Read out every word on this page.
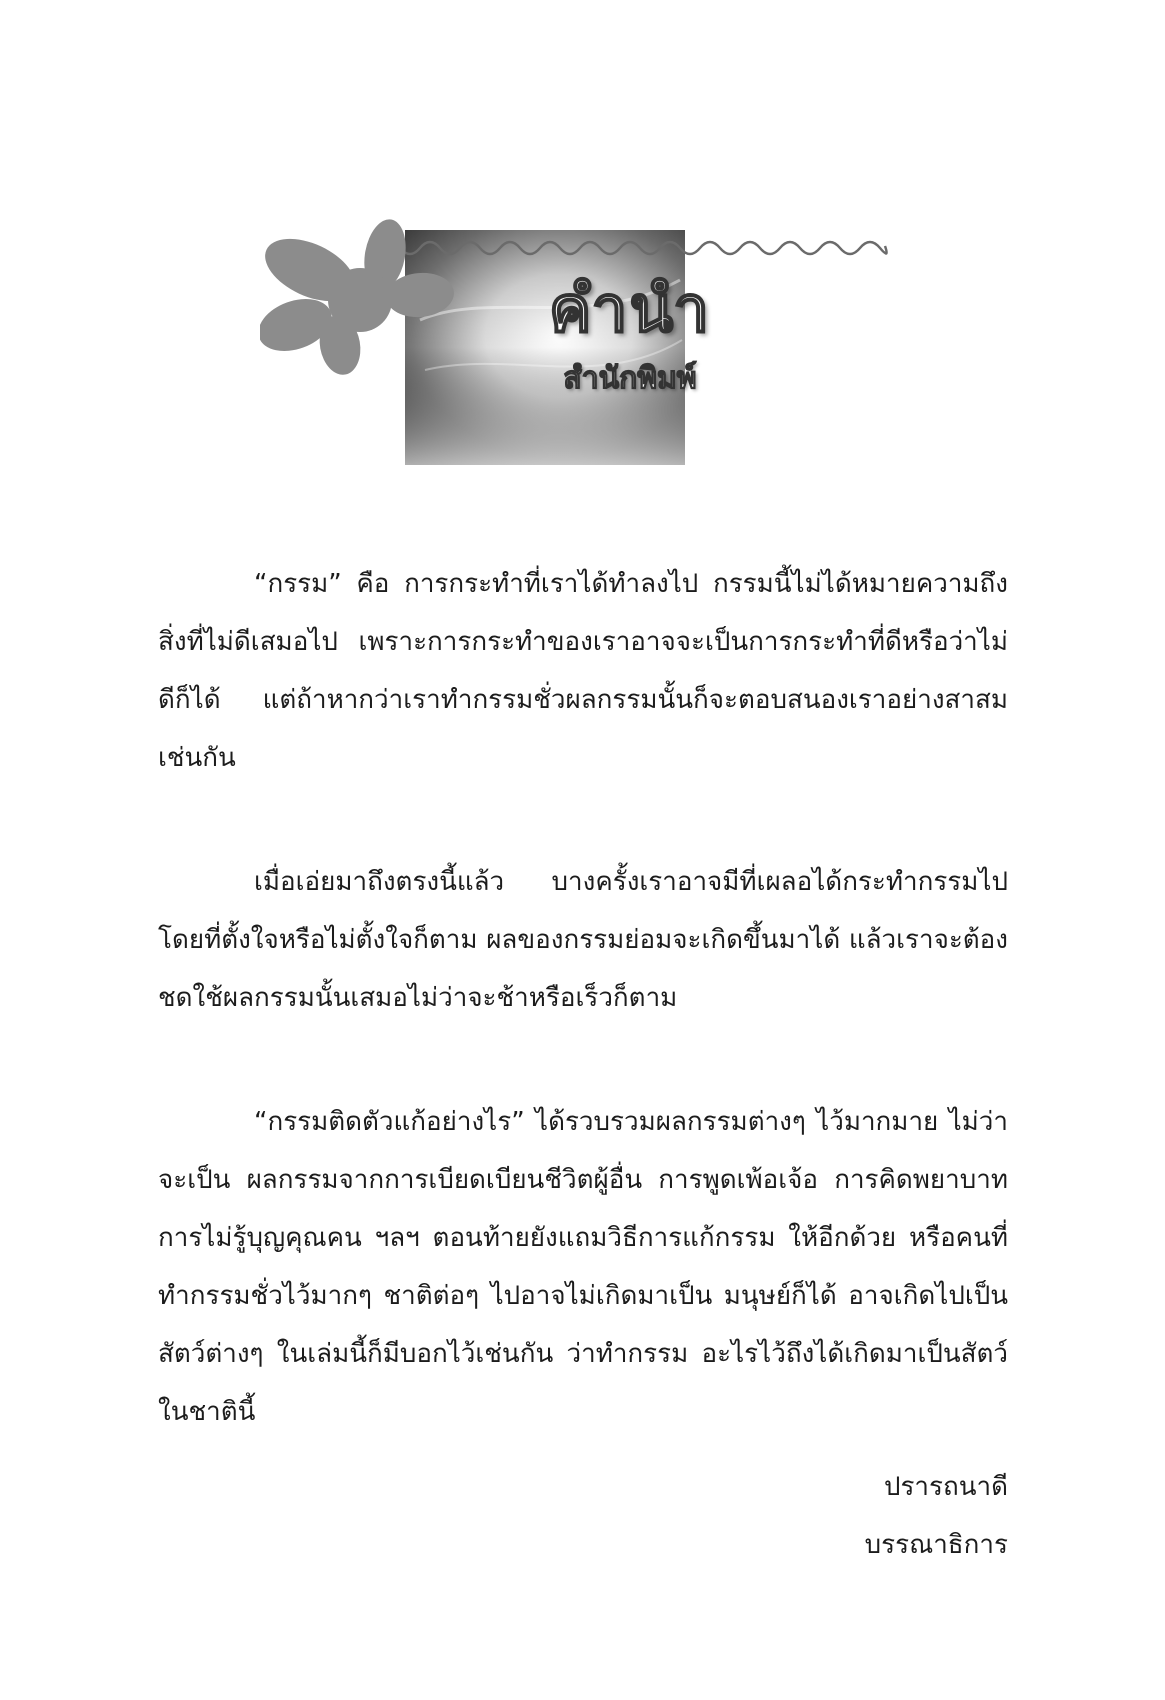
คำนำ
สำนักพิมพ์

“กรรม” คือ การกระทำที่เราได้ทำลงไป กรรมนี้ไม่ได้หมายความถึงสิ่งที่ไม่ดีเสมอไป เพราะการกระทำของเราอาจจะเป็นการกระทำที่ดีหรือว่าไม่ดีก็ได้ แต่ถ้าหากว่าเราทำกรรมชั่วผลกรรมนั้นก็จะตอบสนองเราอย่างสาสมเช่นกัน

เมื่อเอ่ยมาถึงตรงนี้แล้ว บางครั้งเราอาจมีที่เผลอได้กระทำกรรมไปโดยที่ตั้งใจหรือไม่ตั้งใจก็ตาม ผลของกรรมย่อมจะเกิดขึ้นมาได้ แล้วเราจะต้องชดใช้ผลกรรมนั้นเสมอไม่ว่าจะช้าหรือเร็วก็ตาม

“กรรมติดตัวแก้อย่างไร” ได้รวบรวมผลกรรมต่างๆ ไว้มากมาย ไม่ว่าจะเป็น ผลกรรมจากการเบียดเบียนชีวิตผู้อื่น การพูดเพ้อเจ้อ การคิดพยาบาท การไม่รู้บุญคุณคน ฯลฯ ตอนท้ายยังแถมวิธีการแก้กรรม ให้อีกด้วย หรือคนที่ทำกรรมชั่วไว้มากๆ ชาติต่อๆ ไปอาจไม่เกิดมาเป็น มนุษย์ก็ได้ อาจเกิดไปเป็นสัตว์ต่างๆ ในเล่มนี้ก็มีบอกไว้เช่นกัน ว่าทำกรรม อะไรไว้ถึงได้เกิดมาเป็นสัตว์ในชาตินี้

ปรารถนาดี
บรรณาธิการ
